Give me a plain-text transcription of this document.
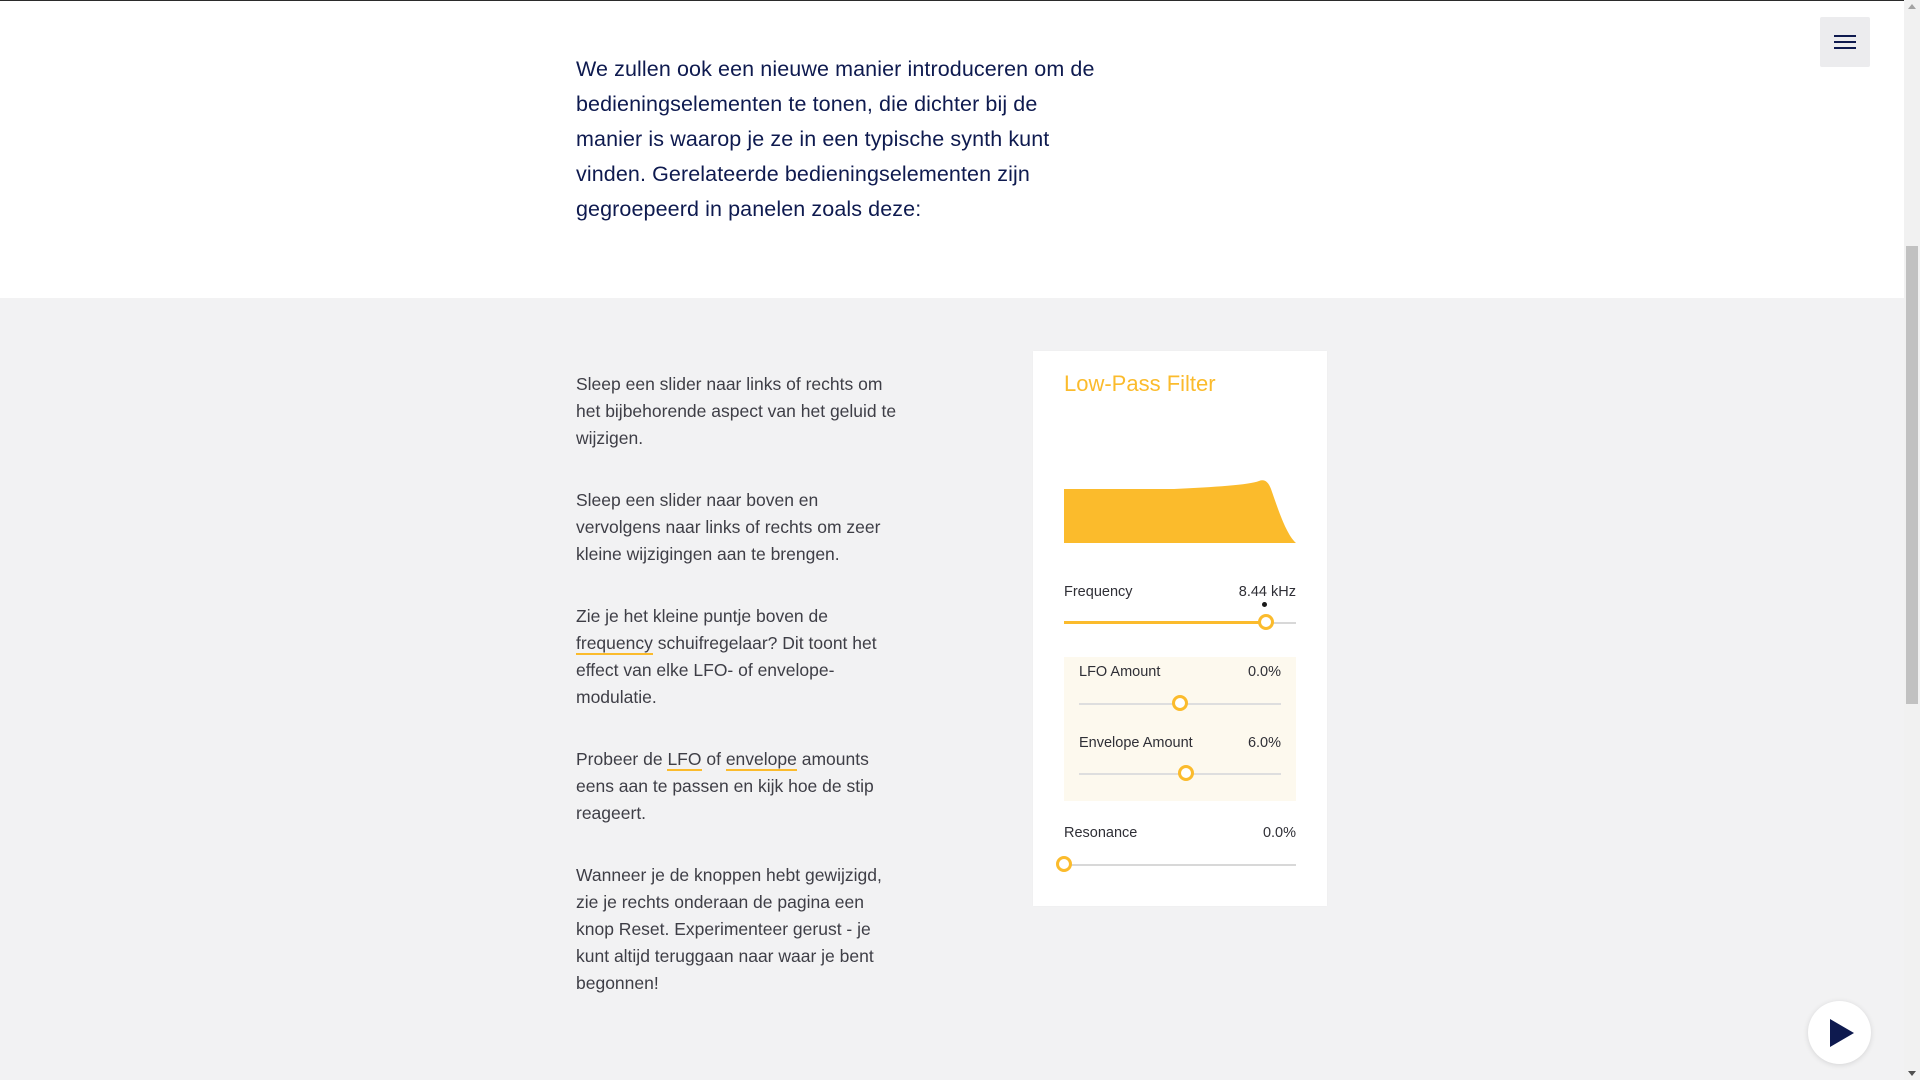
We zullen ook een nieuwe manier introduceren om de bedieningselementen te tonen, die dichter bij de manier is waarop je ze in een typische synth kunt vinden. Gerelateerde bedieningselementen zijn gegroepeerd in panelen zoals deze:

Sleep een slider naar links of rechts om het bijbehorende aspect van het geluid te wijzigen.

Sleep een slider naar boven en vervolgens naar links of rechts om zeer kleine wijzigingen aan te brengen.

Zie je het kleine puntje boven de frequency schuifregelaar? Dit toont het effect van elke LFO- of envelope-modulatie.

Probeer de LFO of envelope amounts eens aan te passen en kijk hoe de stip reageert.

Wanneer je de knoppen hebt gewijzigd, zie je rechts onderaan de pagina een knop Reset. Experimenteer gerust - je kunt altijd teruggaan naar waar je bent begonnen!

Low-Pass Filter
Frequency	8.44 kHz
LFO Amount	0.0%
Envelope Amount	6.0%
Resonance	0.0%
